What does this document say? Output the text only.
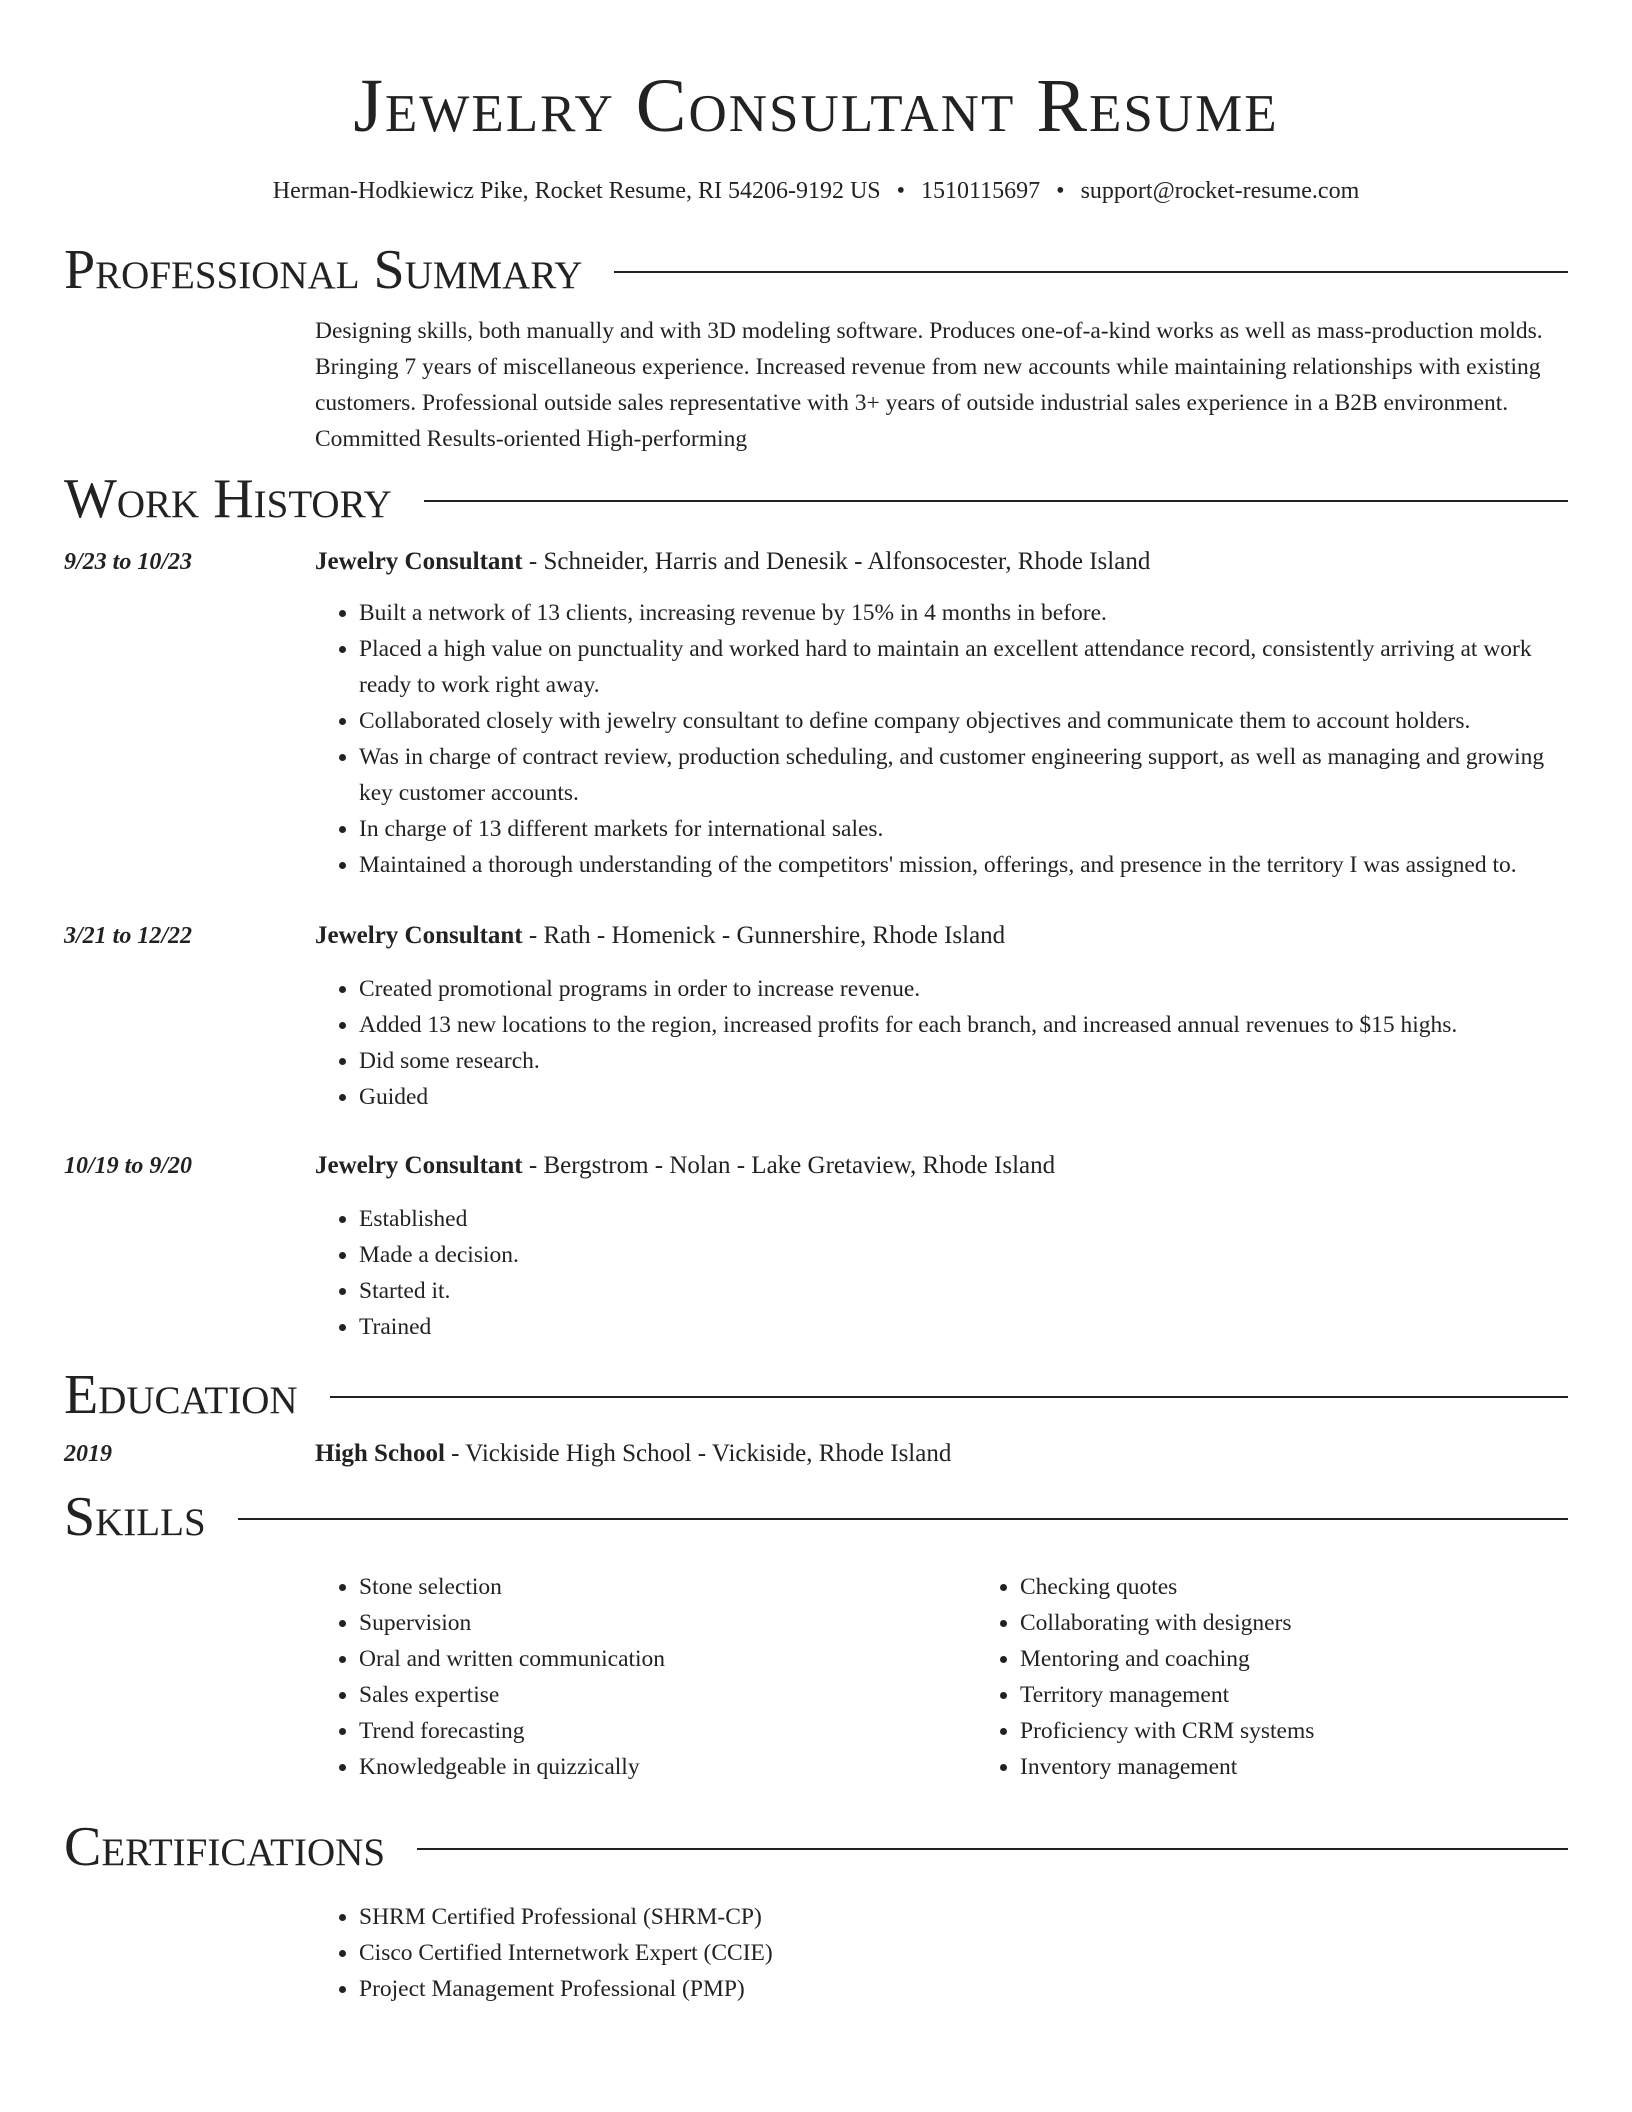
Jewelry Consultant Resume
Herman-Hodkiewicz Pike, Rocket Resume, RI 54206-9192 US • 1510115697 • support@rocket-resume.com
Professional Summary
Designing skills, both manually and with 3D modeling software. Produces one-of-a-kind works as well as mass-production molds. Bringing 7 years of miscellaneous experience. Increased revenue from new accounts while maintaining relationships with existing customers. Professional outside sales representative with 3+ years of outside industrial sales experience in a B2B environment. Committed Results-oriented High-performing
Work History
9/23 to 10/23	Jewelry Consultant - Schneider, Harris and Denesik - Alfonsocester, Rhode Island
• Built a network of 13 clients, increasing revenue by 15% in 4 months in before.
• Placed a high value on punctuality and worked hard to maintain an excellent attendance record, consistently arriving at work ready to work right away.
• Collaborated closely with jewelry consultant to define company objectives and communicate them to account holders.
• Was in charge of contract review, production scheduling, and customer engineering support, as well as managing and growing key customer accounts.
• In charge of 13 different markets for international sales.
• Maintained a thorough understanding of the competitors' mission, offerings, and presence in the territory I was assigned to.
3/21 to 12/22	Jewelry Consultant - Rath - Homenick - Gunnershire, Rhode Island
• Created promotional programs in order to increase revenue.
• Added 13 new locations to the region, increased profits for each branch, and increased annual revenues to $15 highs.
• Did some research.
• Guided
10/19 to 9/20	Jewelry Consultant - Bergstrom - Nolan - Lake Gretaview, Rhode Island
• Established
• Made a decision.
• Started it.
• Trained
Education
2019	High School - Vickiside High School - Vickiside, Rhode Island
Skills
• Stone selection
• Supervision
• Oral and written communication
• Sales expertise
• Trend forecasting
• Knowledgeable in quizzically
• Checking quotes
• Collaborating with designers
• Mentoring and coaching
• Territory management
• Proficiency with CRM systems
• Inventory management
Certifications
• SHRM Certified Professional (SHRM-CP)
• Cisco Certified Internetwork Expert (CCIE)
• Project Management Professional (PMP)
